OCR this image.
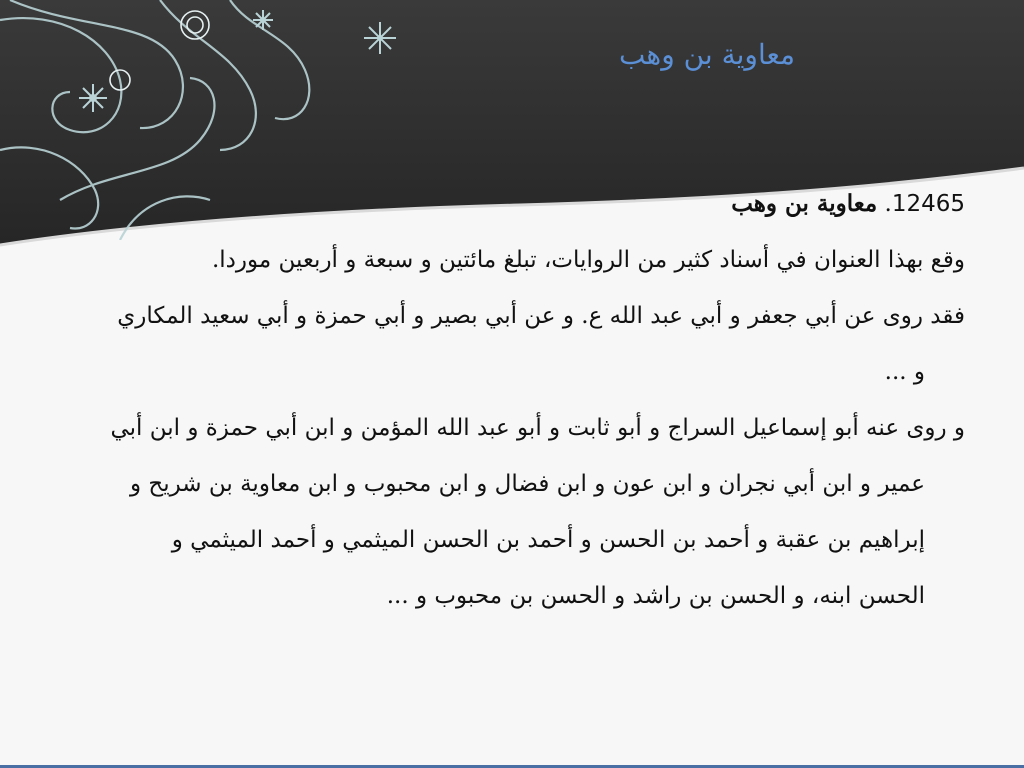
معاوية بن وهب

12465. معاوية بن وهب

وقع بهذا العنوان في أسناد كثير من الروايات، تبلغ مائتين و سبعة و أربعين موردا.

فقد روى عن أبي جعفر و أبي عبد الله ع. و عن أبي بصير و أبي حمزة و أبي سعيد المكاري و ...

و روى عنه أبو إسماعيل السراج و أبو ثابت و أبو عبد الله المؤمن و ابن أبي حمزة و ابن أبي عمير و ابن أبي نجران و ابن عون و ابن فضال و ابن محبوب و ابن معاوية بن شريح و إبراهيم بن عقبة و أحمد بن الحسن و أحمد بن الحسن الميثمي و أحمد الميثمي و الحسن ابنه، و الحسن بن راشد و الحسن بن محبوب و ...
